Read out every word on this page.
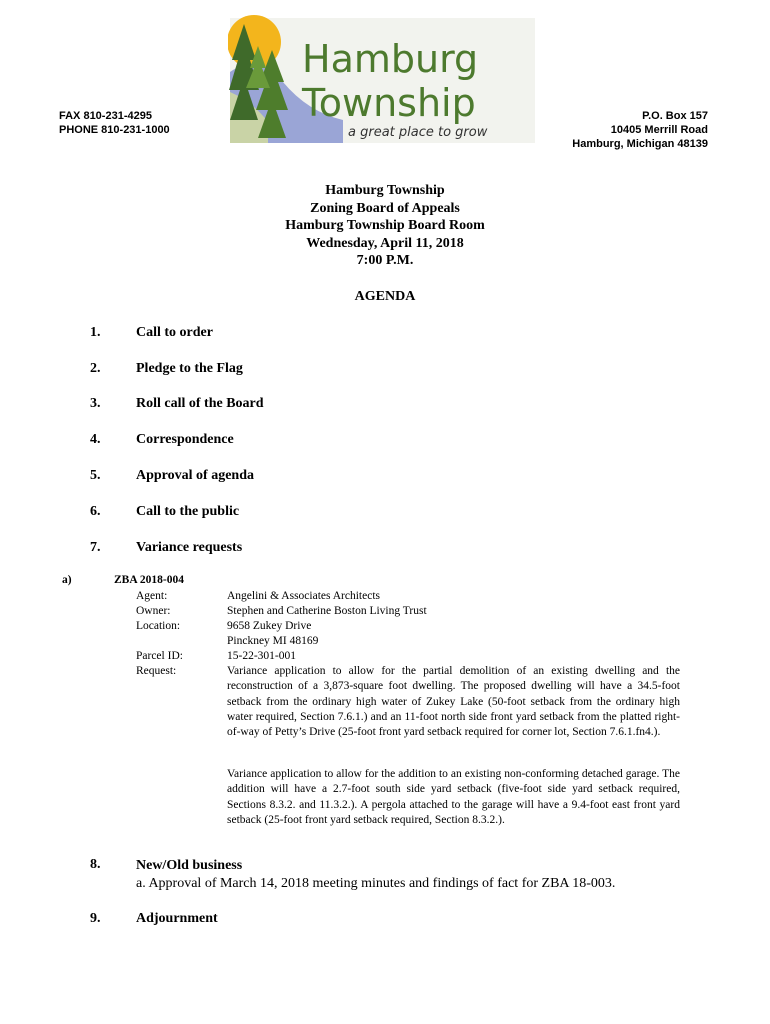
FAX 810-231-4295
PHONE 810-231-1000
P.O. Box 157
10405 Merrill Road
Hamburg, Michigan 48139
Hamburg
Township
a great place to grow
Hamburg Township
Zoning Board of Appeals
Hamburg Township Board Room
Wednesday, April 11, 2018
7:00 P.M.
AGENDA
1.	Call to order
2.	Pledge to the Flag
3.	Roll call of the Board
4.	Correspondence
5.	Approval of agenda
6.	Call to the public
7.	Variance requests
a)	ZBA 2018-004
Agent:	Angelini & Associates Architects
Owner:	Stephen and Catherine Boston Living Trust
Location:	9658 Zukey Drive
Pinckney MI 48169
Parcel ID:	15-22-301-001
Request:	Variance application to allow for the partial demolition of an existing dwelling and the reconstruction of a 3,873-square foot dwelling. The proposed dwelling will have a 34.5-foot setback from the ordinary high water of Zukey Lake (50-foot setback from the ordinary high water required, Section 7.6.1.) and an 11-foot north side front yard setback from the platted right-of-way of Petty’s Drive (25-foot front yard setback required for corner lot, Section 7.6.1.fn4.).
Variance application to allow for the addition to an existing non-conforming detached garage. The addition will have a 2.7-foot south side yard setback (five-foot side yard setback required, Sections 8.3.2. and 11.3.2.). A pergola attached to the garage will have a 9.4-foot east front yard setback (25-foot front yard setback required, Section 8.3.2.).
8.	New/Old business
a. Approval of March 14, 2018 meeting minutes and findings of fact for ZBA 18-003.
9.	Adjournment
